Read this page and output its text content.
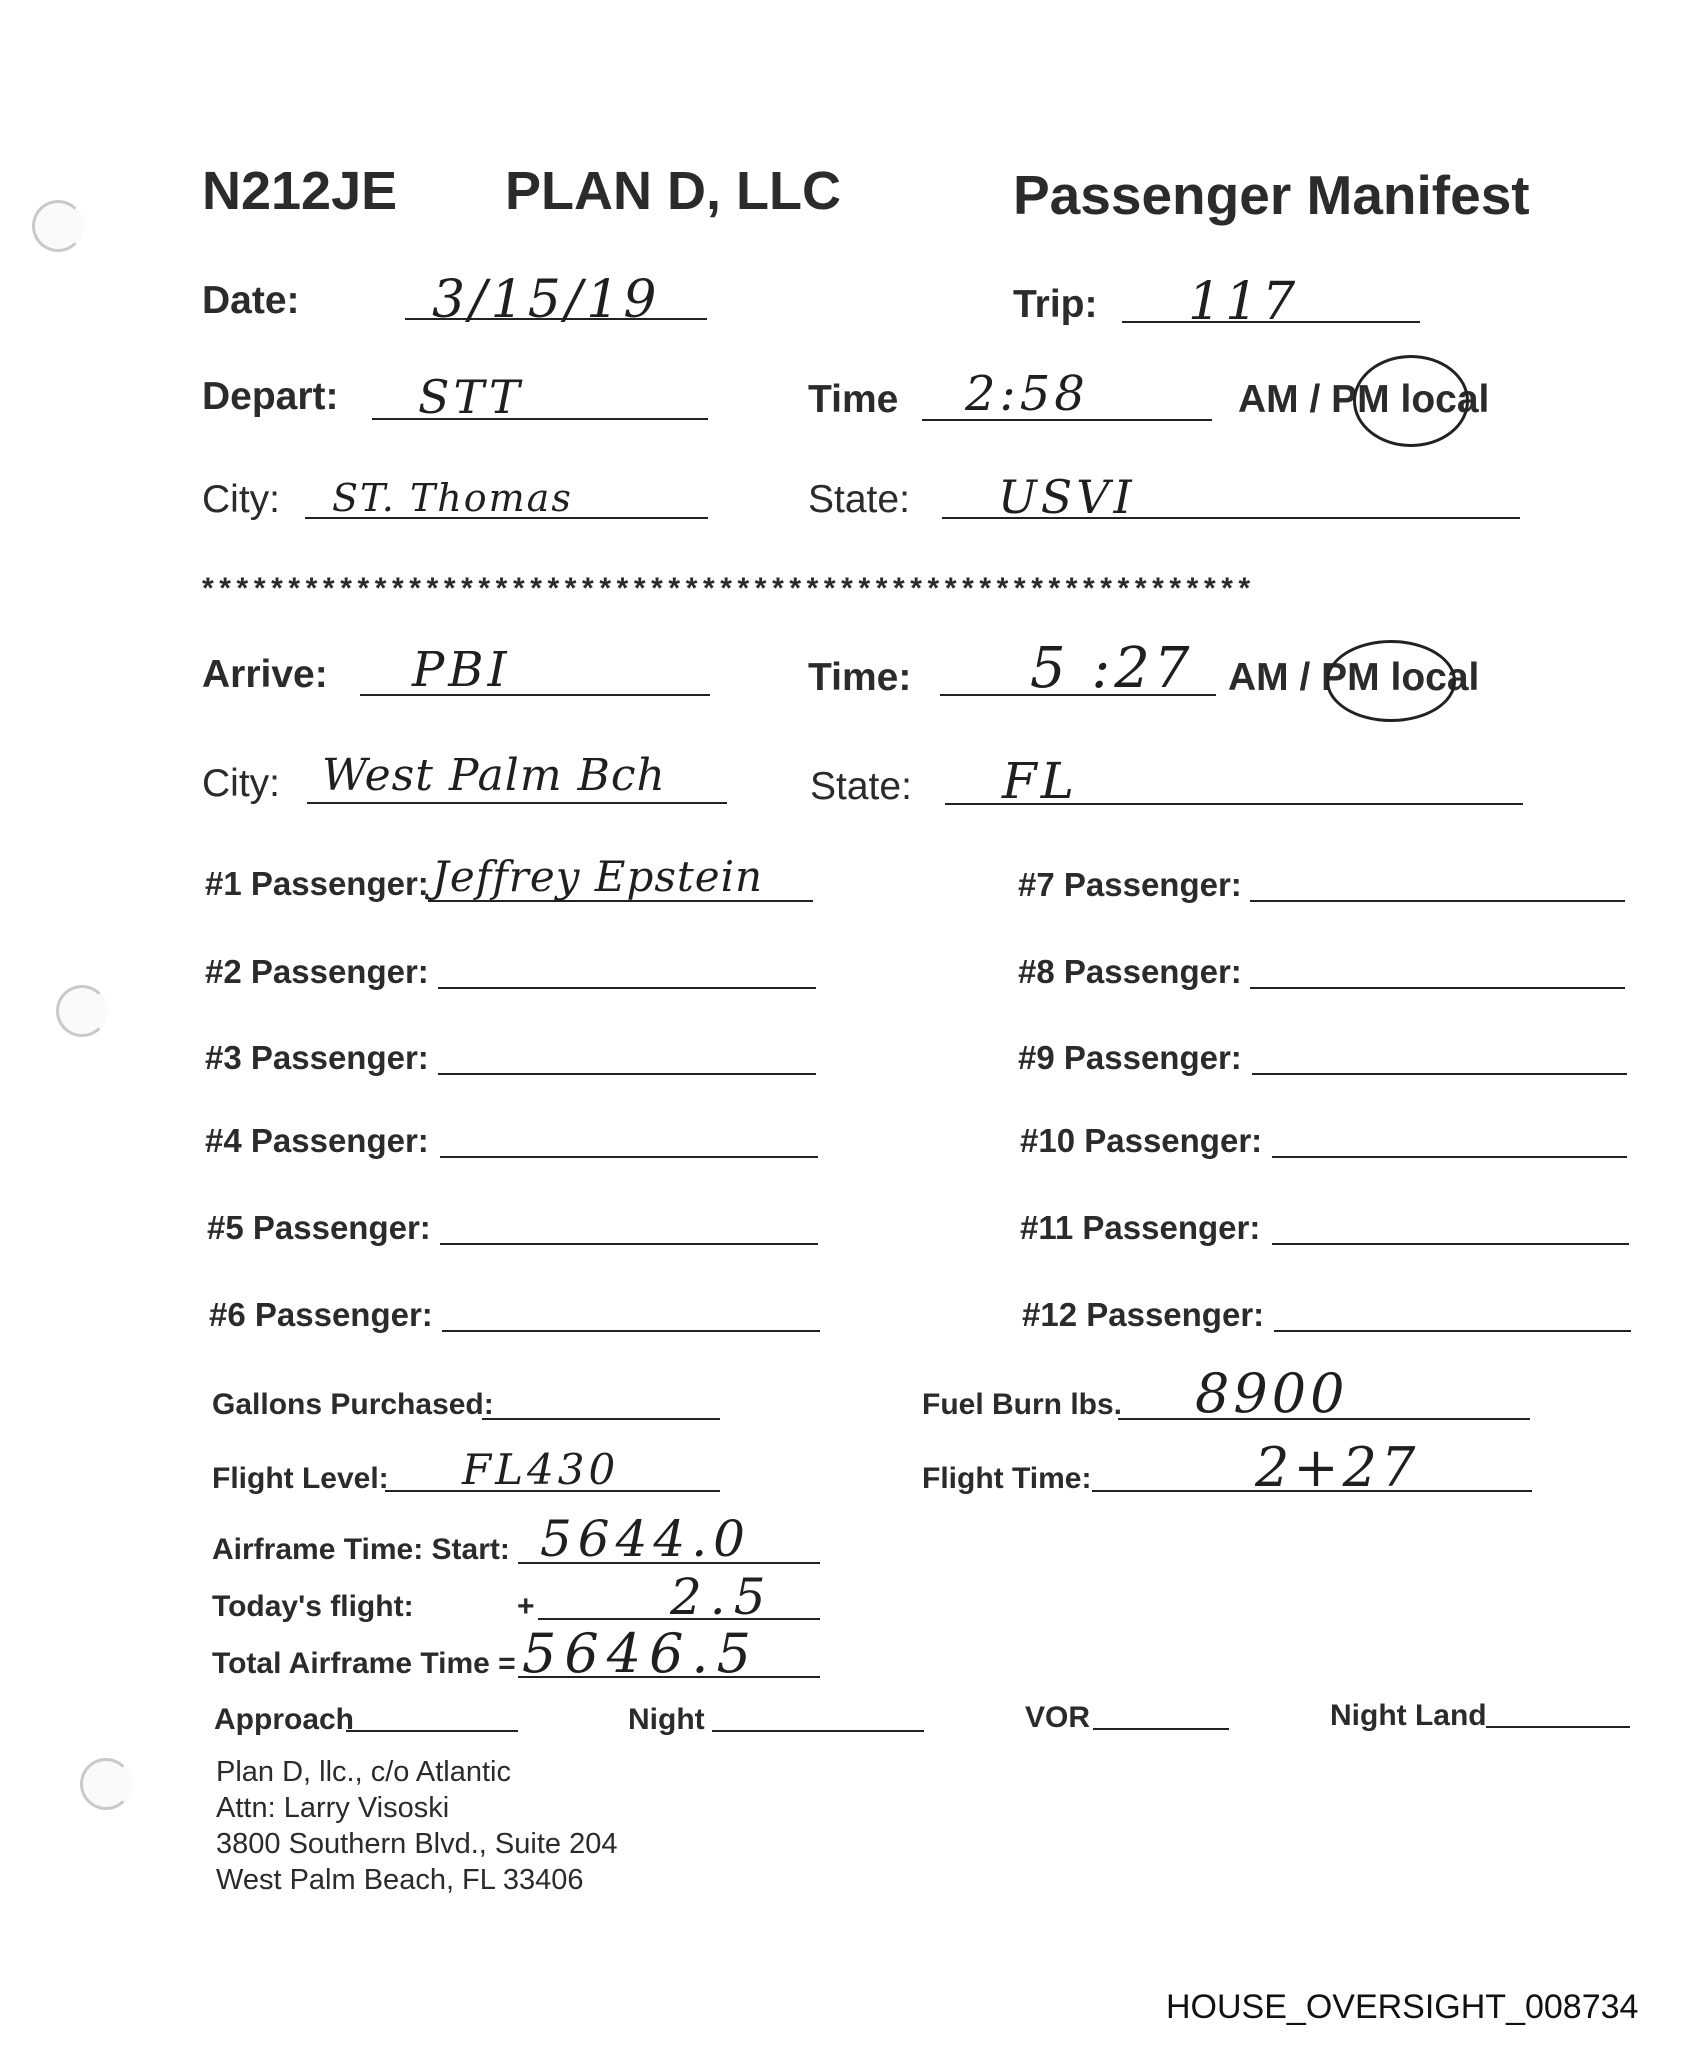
N212JE PLAN D, LLC	Passenger Manifest
Date:	3/15/19	Trip: 117
Depart: STT	Time 2:58	AM / PM local
City: ST. Thomas	State: USVI
*************************************************************
Arrive: PBI	Time: 5 :27 AM / PM local
City: West Palm Bch	State: FL
#1 Passenger: Jeffrey Epstein
#2 Passenger:
#3 Passenger:
#4 Passenger:
#5 Passenger:
#6 Passenger:
#7 Passenger:
#8 Passenger:
#9 Passenger:
#10 Passenger:
#11 Passenger:
#12 Passenger:
Gallons Purchased:	Fuel Burn lbs. 8900
Flight Level: FL430	Flight Time:	2+27
Airframe Time: Start: 5644.0
Today's flight:	+	2.5
Total Airframe Time = 5646.5
Approach	Night	VOR	Night Land
Plan D, llc., c/o Atlantic
Attn: Larry Visoski
3800 Southern Blvd., Suite 204
West Palm Beach, FL 33406
HOUSE_OVERSIGHT_008734
